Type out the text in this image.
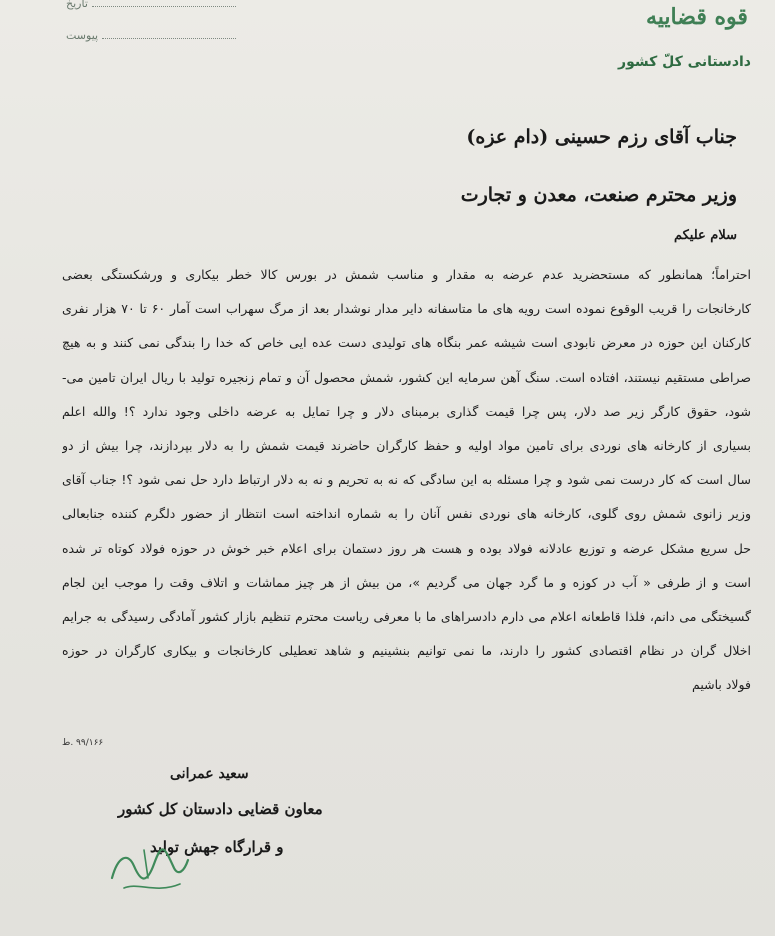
قوه قضاییه
دادستانی کلّ کشور
تاریخ
پیوست
جناب آقای رزم حسینی (دام عزه)
وزیر محترم صنعت، معدن و تجارت
سلام علیکم
احتراماً؛ همانطور که مستحضرید عدم عرضه به مقدار و مناسب شمش در بورس کالا خطر بیکاری و ورشکستگی بعضی
کارخانجات را قریب الوقوع نموده است رویه های ما متاسفانه دایر مدار نوشدار بعد از مرگ سهراب است آمار ۶۰ تا ۷۰ هزار نفری
کارکنان این حوزه در معرض نابودی است شیشه عمر بنگاه های تولیدی دست عده ایی خاص که خدا را بندگی نمی کنند و به هیچ
صراطی مستقیم نیستند، افتاده است. سنگ آهن سرمایه این کشور، شمش محصول آن و تمام زنجیره تولید با ریال ایران تامین می-
شود، حقوق کارگر زیر صد دلار، پس چرا قیمت گذاری برمبنای دلار و چرا تمایل به عرضه داخلی وجود ندارد ؟! والله اعلم
بسیاری از کارخانه های نوردی برای تامین مواد اولیه و حفظ کارگران حاضرند قیمت شمش را به دلار بپردازند، چرا بیش از دو
سال است که کار درست نمی شود و چرا مسئله به این سادگی که نه به تحریم و نه به دلار ارتباط دارد حل نمی شود ؟! جناب آقای
وزیر زانوی شمش روی گلوی، کارخانه های نوردی نفس آنان را به شماره انداخته است انتظار از حضور دلگرم کننده جنابعالی
حل سریع مشکل عرضه و توزیع عادلانه فولاد بوده و هست هر روز دستمان برای اعلام خبر خوش در حوزه فولاد کوتاه تر شده
است و از طرفی « آب در کوزه و ما گرد جهان می گردیم »، من بیش از هر چیز مماشات و اتلاف وقت را موجب این لجام
گسیختگی می دانم، فلذا قاطعانه اعلام می دارم دادسراهای ما با معرفی ریاست محترم تنظیم بازار کشور آمادگی رسیدگی به جرایم
اخلال گران در نظام اقتصادی کشور را دارند، ما نمی توانیم بنشینیم و شاهد تعطیلی کارخانجات و بیکاری کارگران در حوزه
فولاد باشیم
۹۹/۱۶۶ .ط
سعید عمرانی
معاون قضایی دادستان کل کشور
و قرارگاه جهش تولید
